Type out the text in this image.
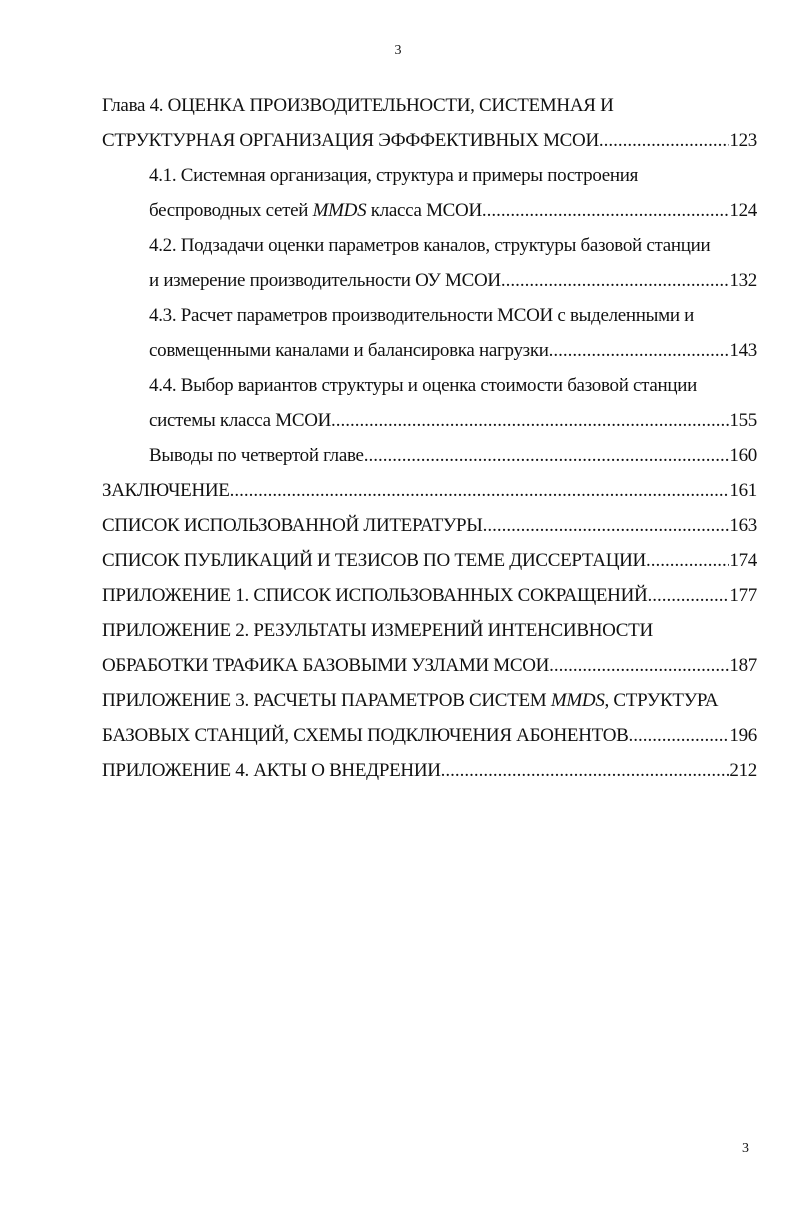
3
Глава 4. ОЦЕНКА ПРОИЗВОДИТЕЛЬНОСТИ, СИСТЕМНАЯ И
СТРУКТУРНАЯ ОРГАНИЗАЦИЯ ЭФФФЕКТИВНЫХ МСОИ .....	123
4.1. Системная организация, структура и примеры построения
беспроводных сетей MMDS класса МСОИ .....	124
4.2. Подзадачи оценки параметров каналов, структуры базовой станции
и измерение производительности ОУ МСОИ .....	132
4.3. Расчет параметров производительности МСОИ с выделенными и
совмещенными каналами и балансировка нагрузки .....	143
4.4. Выбор вариантов структуры и оценка стоимости базовой станции
системы класса МСОИ .....	155
Выводы по четвертой главе .....	160
ЗАКЛЮЧЕНИЕ .....	161
СПИСОК ИСПОЛЬЗОВАННОЙ ЛИТЕРАТУРЫ .....	163
СПИСОК ПУБЛИКАЦИЙ И ТЕЗИСОВ ПО ТЕМЕ ДИССЕРТАЦИИ .....	174
ПРИЛОЖЕНИЕ 1. СПИСОК ИСПОЛЬЗОВАННЫХ СОКРАЩЕНИЙ .....	177
ПРИЛОЖЕНИЕ 2. РЕЗУЛЬТАТЫ ИЗМЕРЕНИЙ ИНТЕНСИВНОСТИ
ОБРАБОТКИ ТРАФИКА БАЗОВЫМИ УЗЛАМИ МСОИ .....	187
ПРИЛОЖЕНИЕ 3. РАСЧЕТЫ ПАРАМЕТРОВ СИСТЕМ MMDS, СТРУКТУРА
БАЗОВЫХ СТАНЦИЙ, СХЕМЫ ПОДКЛЮЧЕНИЯ АБОНЕНТОВ .....	196
ПРИЛОЖЕНИЕ 4. АКТЫ О ВНЕДРЕНИИ .....	212
3
